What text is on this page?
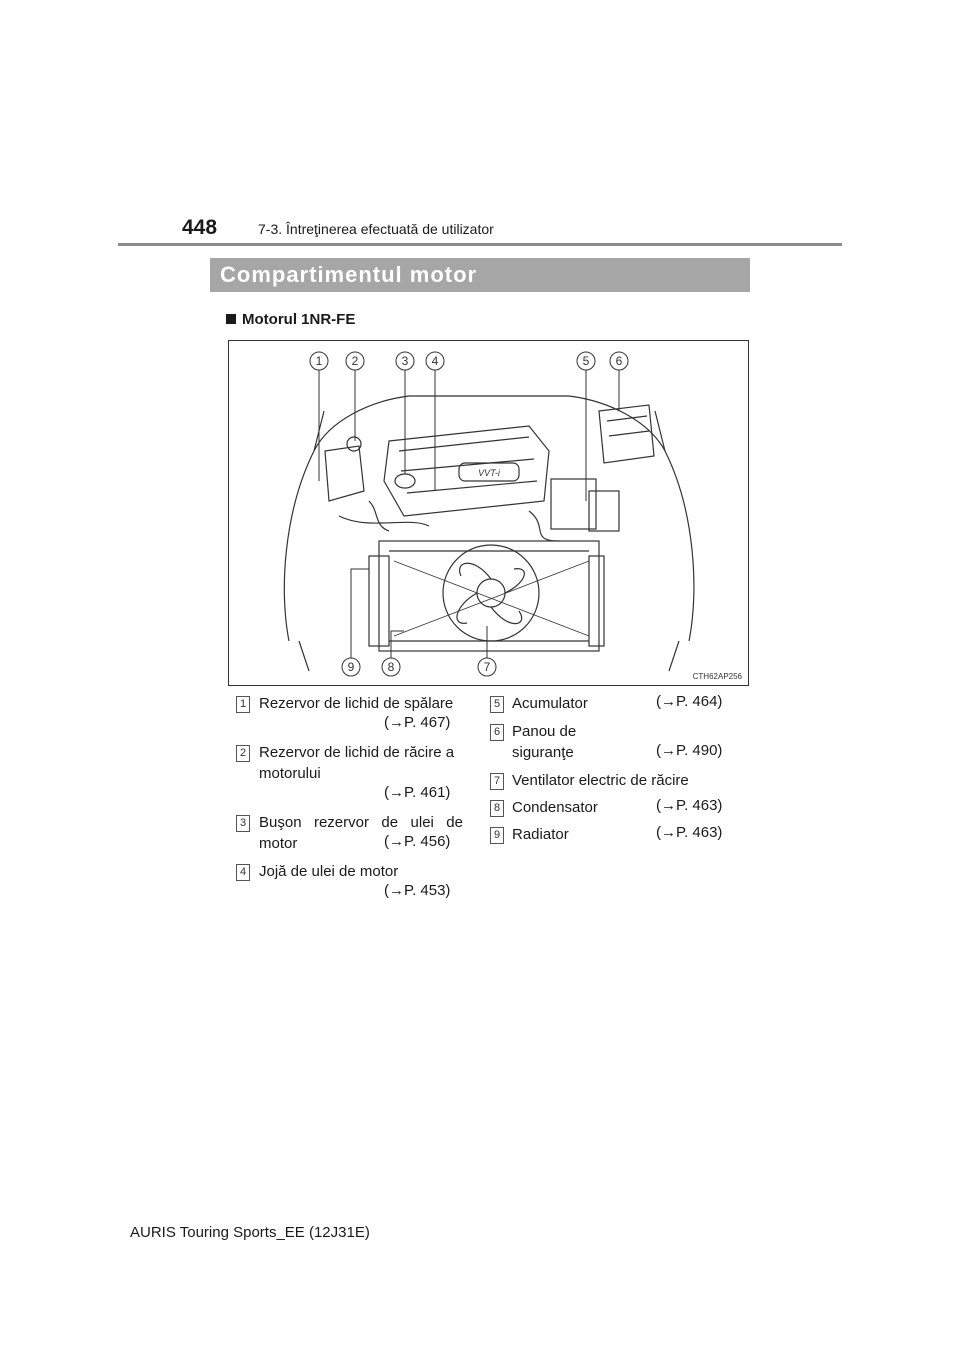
448	7-3. Întreţinerea efectuată de utilizator
Compartimentul motor
Motorul 1NR-FE
1 2	3 4	5 6
9	8	7
VVT-i
CTH62AP256
1 Rezervor de lichid de spălare
(→P. 467)
2 Rezervor de lichid de răcire a
motorului
(→P. 461)
3 Buşon rezervor de ulei de
motor	(→P. 456)
4 Jojă de ulei de motor
(→P. 453)
5 Acumulator	(→P. 464)
6 Panou de
siguranţe	(→P. 490)
7 Ventilator electric de răcire
8 Condensator	(→P. 463)
9 Radiator	(→P. 463)
AURIS Touring Sports_EE (12J31E)
